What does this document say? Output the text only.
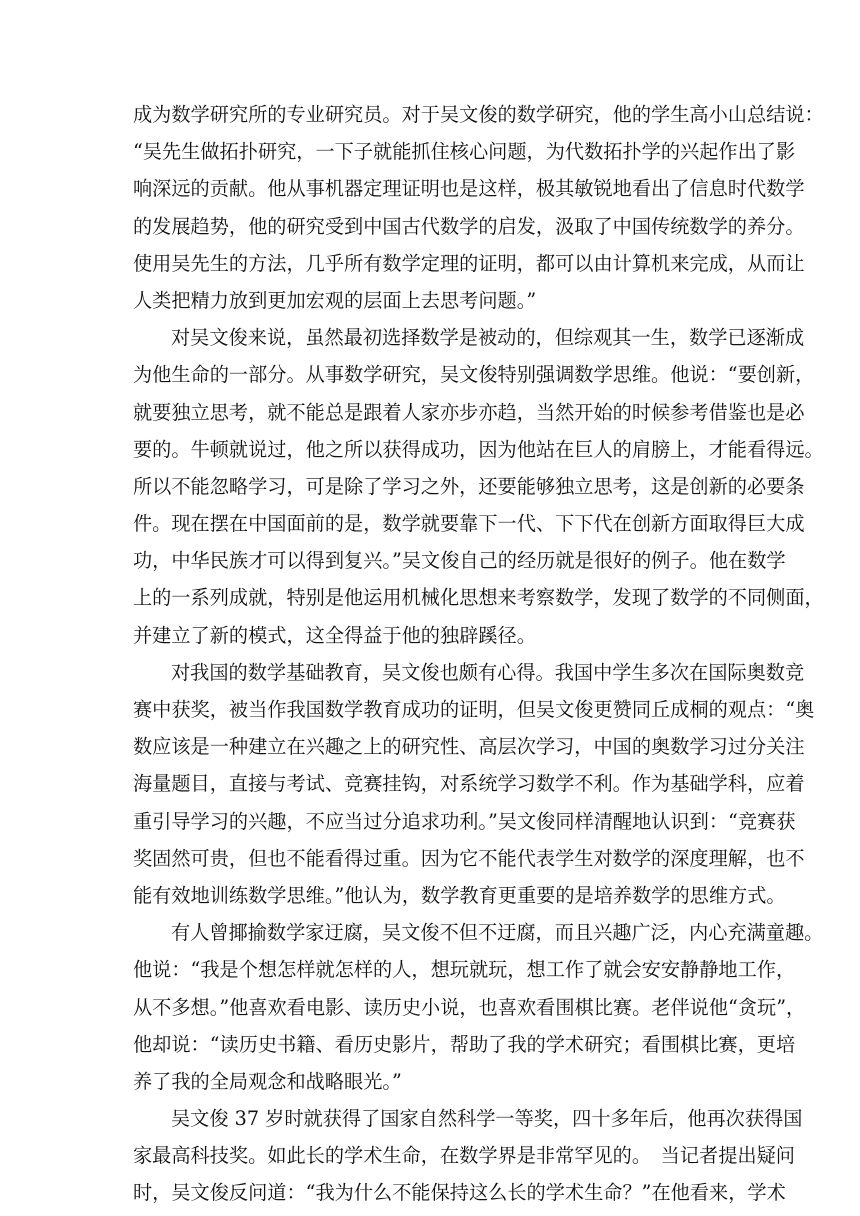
成为数学研究所的专业研究员。对于吴文俊的数学研究，他的学生高小山总结说：
“吴先生做拓扑研究，一下子就能抓住核心问题，为代数拓扑学的兴起作出了影
响深远的贡献。他从事机器定理证明也是这样，极其敏锐地看出了信息时代数学
的发展趋势，他的研究受到中国古代数学的启发，汲取了中国传统数学的养分。
使用吴先生的方法，几乎所有数学定理的证明，都可以由计算机来完成，从而让
人类把精力放到更加宏观的层面上去思考问题。”
对吴文俊来说，虽然最初选择数学是被动的，但综观其一生，数学已逐渐成
为他生命的一部分。从事数学研究，吴文俊特别强调数学思维。他说：“要创新，
就要独立思考，就不能总是跟着人家亦步亦趋，当然开始的时候参考借鉴也是必
要的。牛顿就说过，他之所以获得成功，因为他站在巨人的肩膀上，才能看得远。
所以不能忽略学习，可是除了学习之外，还要能够独立思考，这是创新的必要条
件。现在摆在中国面前的是，数学就要靠下一代、下下代在创新方面取得巨大成
功，中华民族才可以得到复兴。”吴文俊自己的经历就是很好的例子。他在数学
上的一系列成就，特别是他运用机械化思想来考察数学，发现了数学的不同侧面，
并建立了新的模式，这全得益于他的独辟蹊径。
对我国的数学基础教育，吴文俊也颇有心得。我国中学生多次在国际奥数竞
赛中获奖，被当作我国数学教育成功的证明，但吴文俊更赞同丘成桐的观点：“奥
数应该是一种建立在兴趣之上的研究性、高层次学习，中国的奥数学习过分关注
海量题目，直接与考试、竞赛挂钩，对系统学习数学不利。作为基础学科，应着
重引导学习的兴趣，不应当过分追求功利。”吴文俊同样清醒地认识到：“竞赛获
奖固然可贵，但也不能看得过重。因为它不能代表学生对数学的深度理解，也不
能有效地训练数学思维。”他认为，数学教育更重要的是培养数学的思维方式。
有人曾揶揄数学家迂腐，吴文俊不但不迂腐，而且兴趣广泛，内心充满童趣。
他说：“我是个想怎样就怎样的人，想玩就玩，想工作了就会安安静静地工作，
从不多想。”他喜欢看电影、读历史小说，也喜欢看围棋比赛。老伴说他“贪玩”，
他却说：“读历史书籍、看历史影片，帮助了我的学术研究；看围棋比赛，更培
养了我的全局观念和战略眼光。”
吴文俊 37 岁时就获得了国家自然科学一等奖，四十多年后，他再次获得国
家最高科技奖。如此长的学术生命，在数学界是非常罕见的。　当记者提出疑问
时，吴文俊反问道：“我为什么不能保持这么长的学术生命？”在他看来，学术
